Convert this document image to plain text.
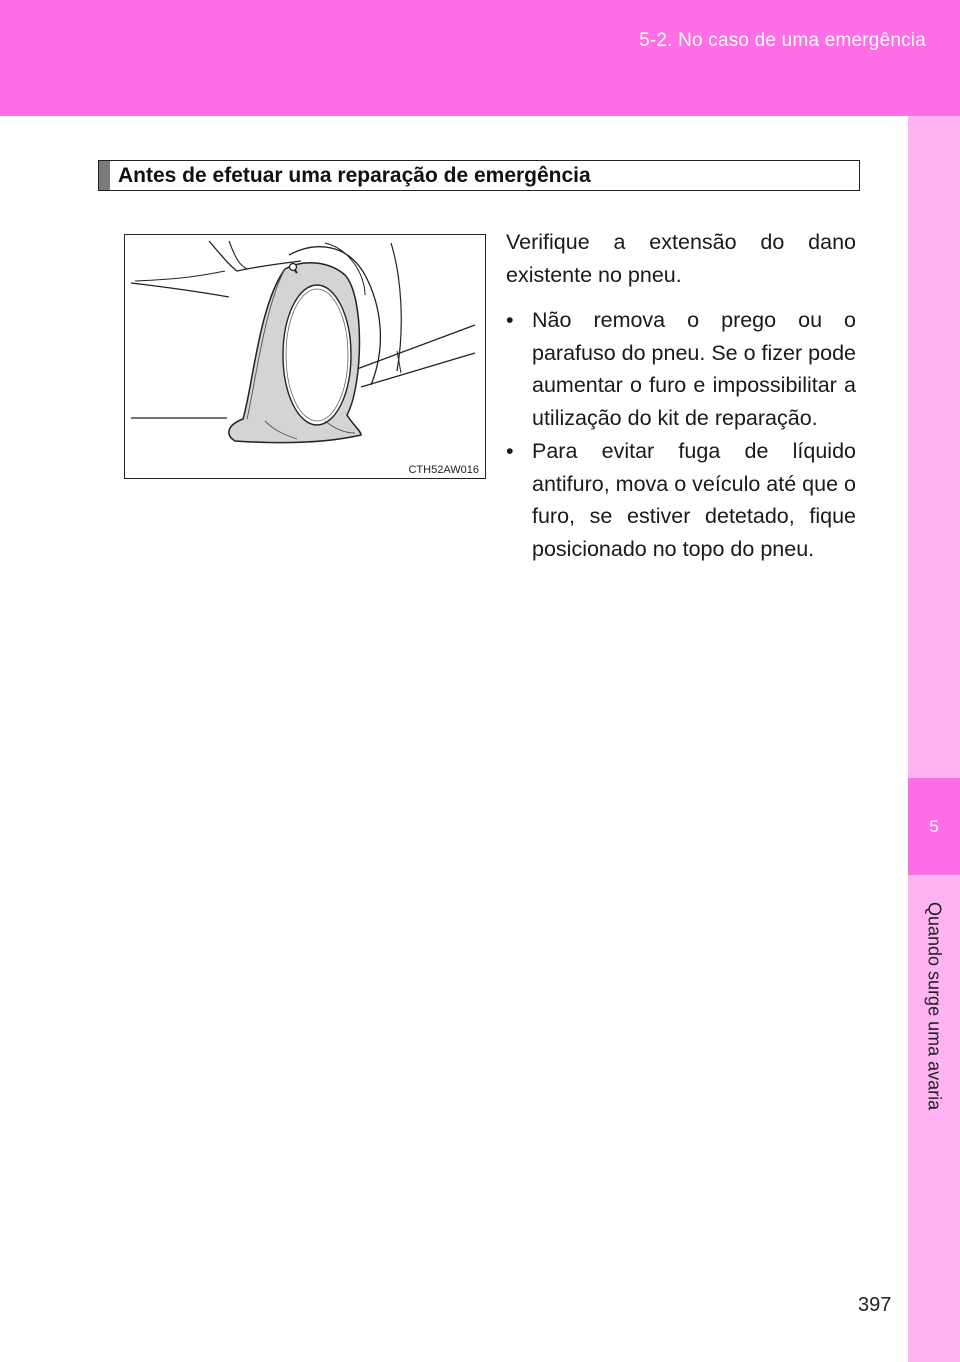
5-2. No caso de uma emergência
5
Quando surge uma avaria
Antes de efetuar uma reparação de emergência
CTH52AW016

Verifique a extensão do dano existente no pneu.

• Não remova o prego ou o parafuso do pneu. Se o fizer pode aumentar o furo e impossibilitar a utilização do kit de reparação.
• Para evitar fuga de líquido antifuro, mova o veículo até que o furo, se estiver detetado, fique posicionado no topo do pneu.
397
